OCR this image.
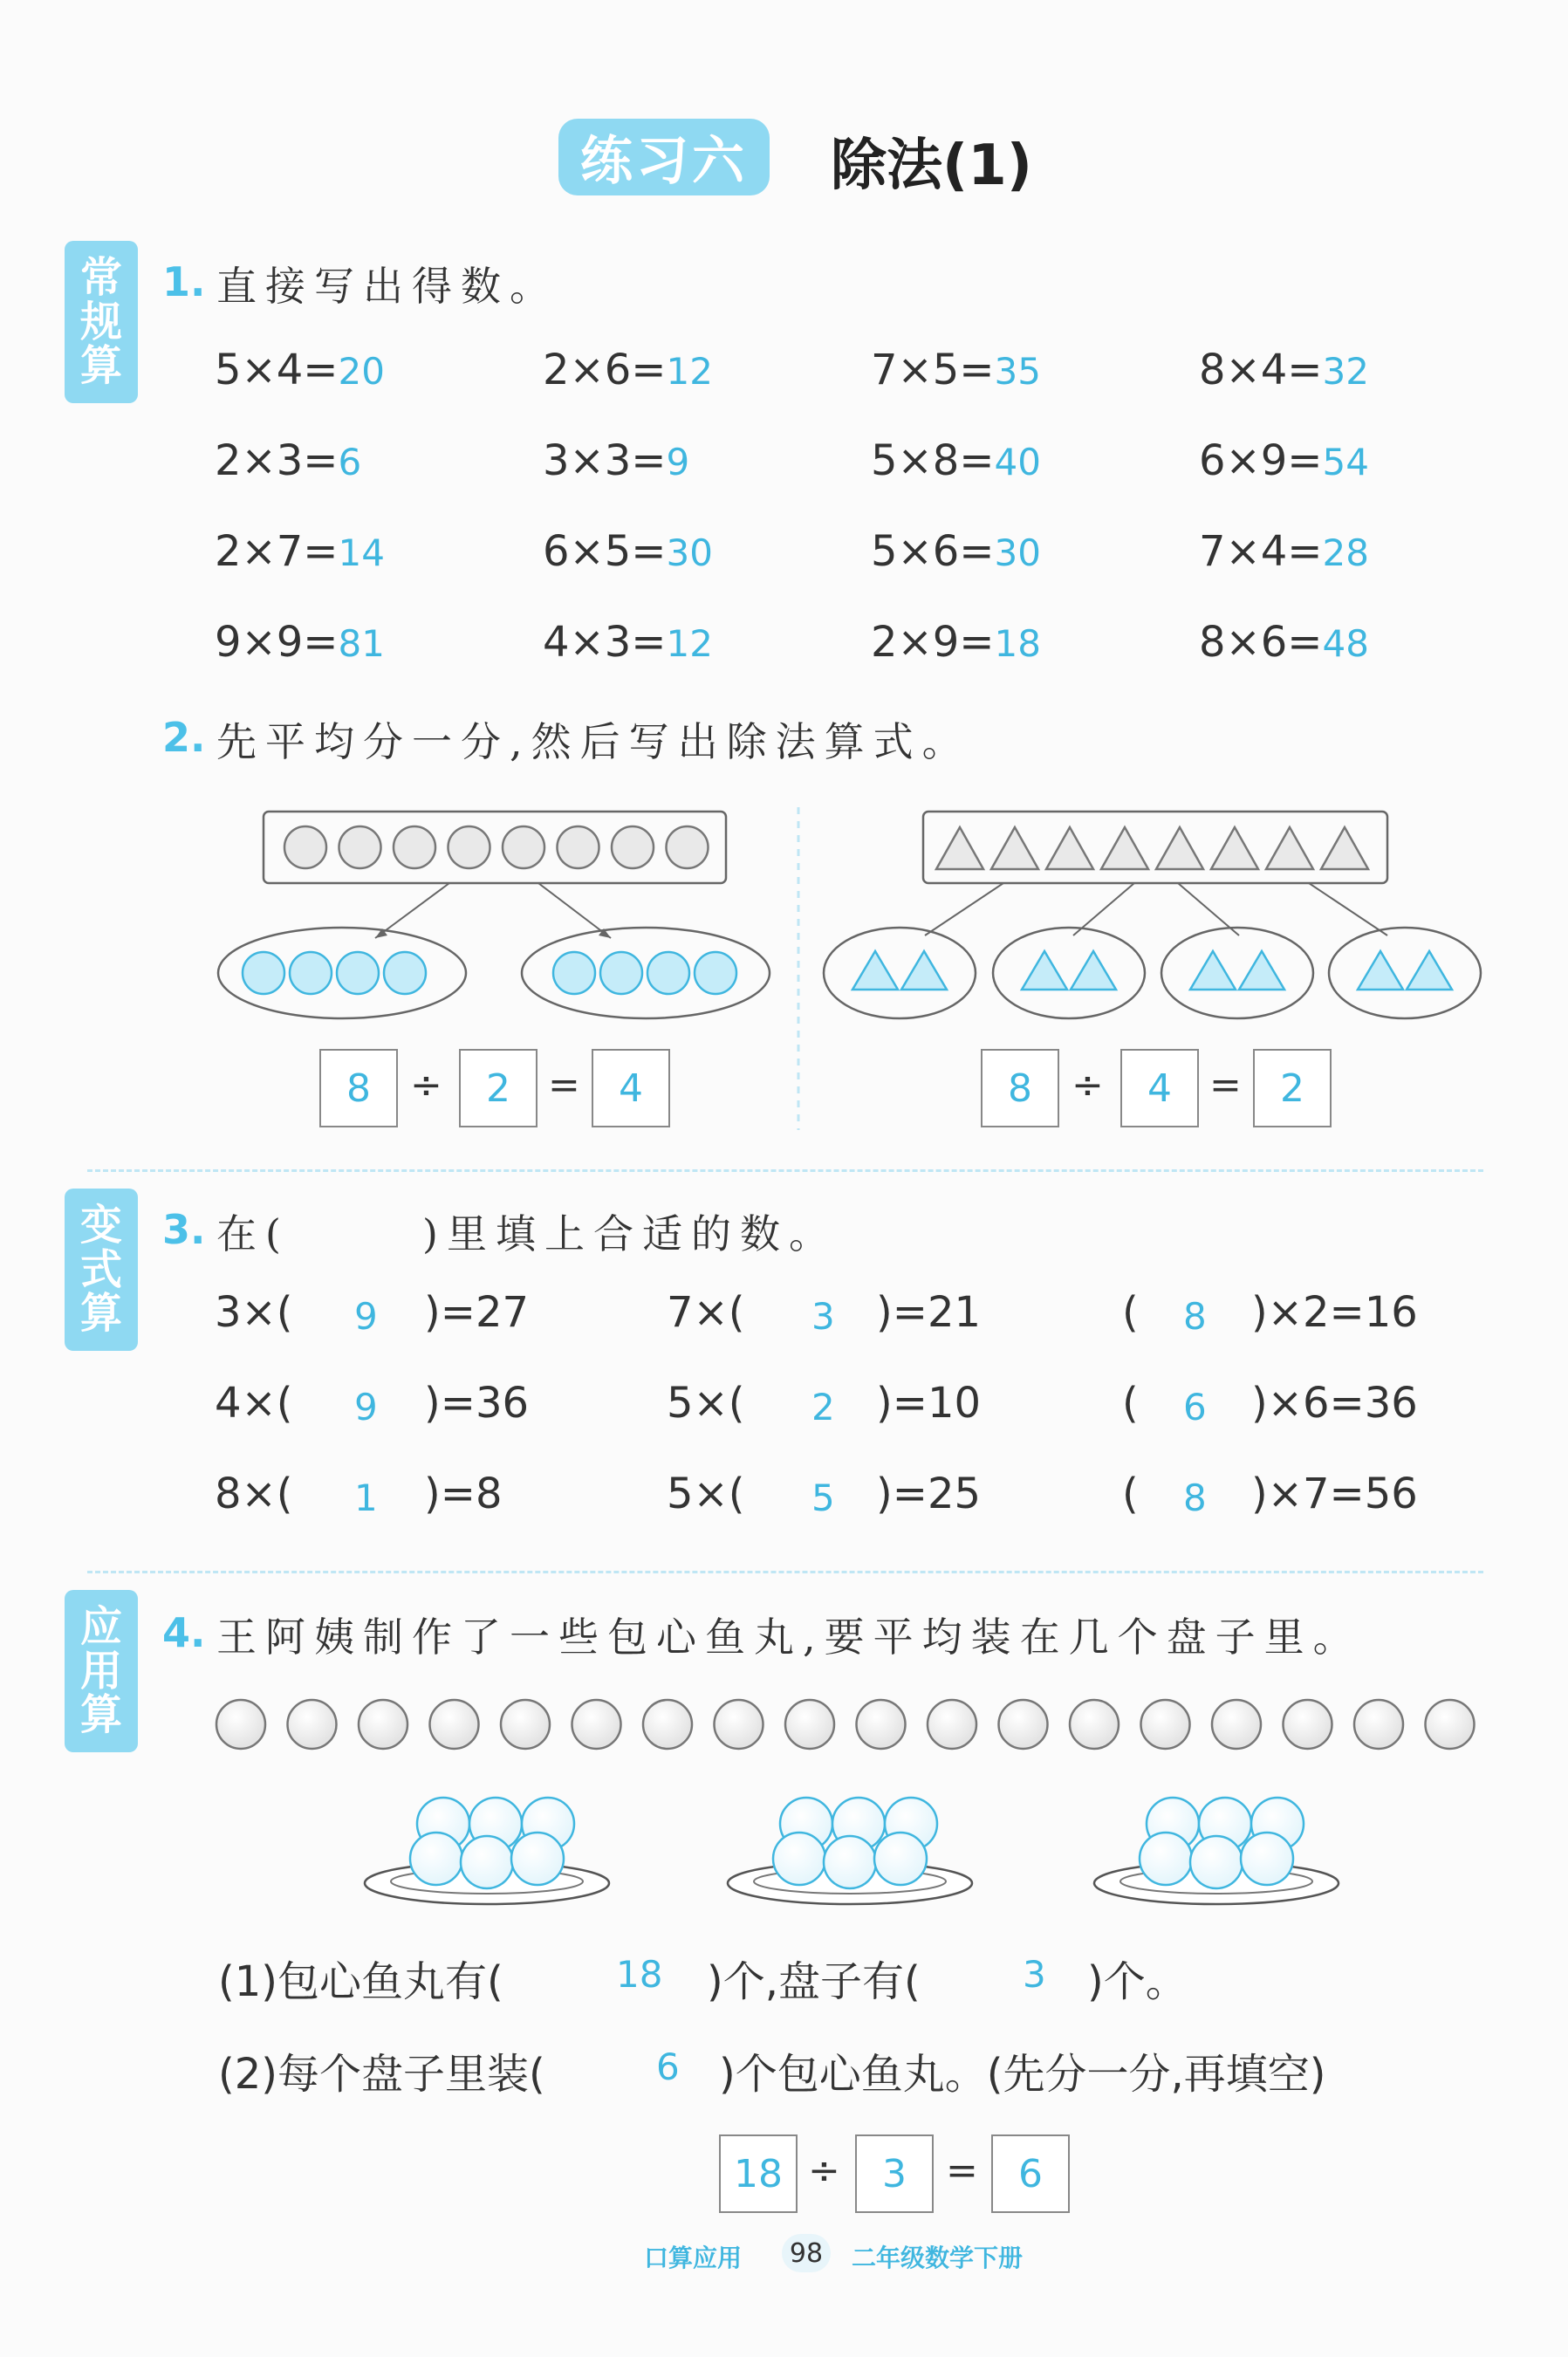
练习六	除法(1)
常
规
算
变
式
算
应
用
算
1. 直接写出得数。
5×4=20	2×6=12	7×5=35	8×4=32
2×3=6	3×3=9	5×8=40	6×9=54
2×7=14	6×5=30	5×6=30	7×4=28
9×9=81	4×3=12	2×9=18	8×6=48
2. 先平均分一分,然后写出除法算式。
8	÷	2 =	4	8	÷	4 =	2
3. 在(	)里填上合适的数。
3×( 9 )=27	7×( 3 )=21	( 8 )×2=16
4×( 9 )=36	5×( 2 )=10	( 6 )×6=36
8×( 1 )=8	5×( 5 )=25	( 8 )×7=56
4. 王阿姨制作了一些包心鱼丸,要平均装在几个盘子里。
(1)包心鱼丸有(	18 )个,盘子有(	3 )个。
(2)每个盘子里装(	6 )个包心鱼丸。(先分一分,再填空)
18 ÷	3	=	6
口算应用 98	二年级数学下册
